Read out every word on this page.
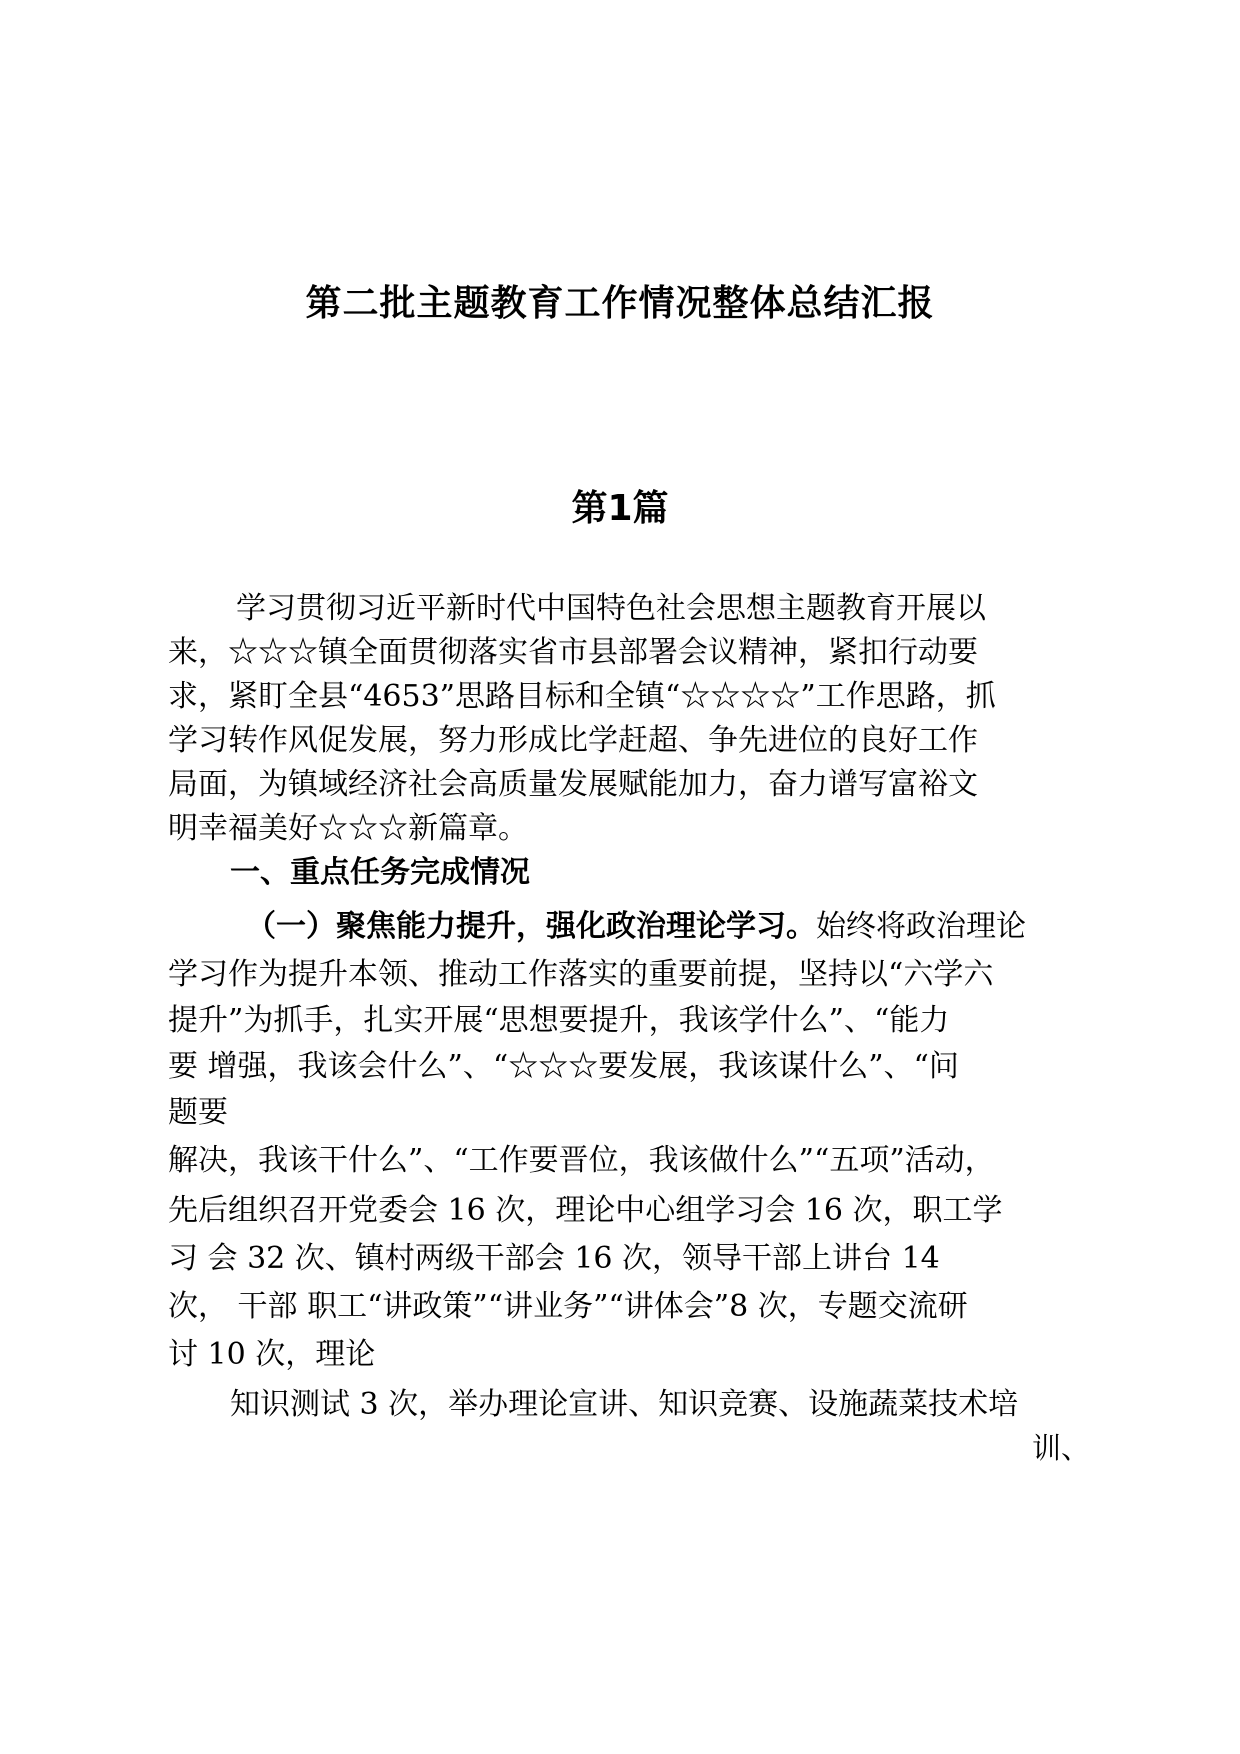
第二批主题教育工作情况整体总结汇报
第1篇

学习贯彻习近平新时代中国特色社会思想主题教育开展以

来，☆☆☆镇全面贯彻落实省市县部署会议精神，紧扣行动要

求，紧盯全县“4653”思路目标和全镇“☆☆☆☆”工作思路，抓

学习转作风促发展，努力形成比学赶超、争先进位的良好工作

局面，为镇域经济社会高质量发展赋能加力，奋力谱写富裕文

明幸福美好☆☆☆新篇章。

一、重点任务完成情况

（一）聚焦能力提升，强化政治理论学习。始终将政治理论

学习作为提升本领、推动工作落实的重要前提，坚持以“六学六

提升”为抓手，扎实开展“思想要提升，我该学什么”、“能力

要 增强，我该会什么”、“☆☆☆要发展，我该谋什么”、“问

题要

解决，我该干什么”、“工作要晋位，我该做什么”“五项”活动，

先后组织召开党委会 16 次，理论中心组学习会 16 次，职工学

习 会 32 次、镇村两级干部会 16 次，领导干部上讲台 14

次， 干部 职工“讲政策”“讲业务”“讲体会”8 次，专题交流研

讨 10 次，理论

知识测试 3 次，举办理论宣讲、知识竞赛、设施蔬菜技术培

训、
